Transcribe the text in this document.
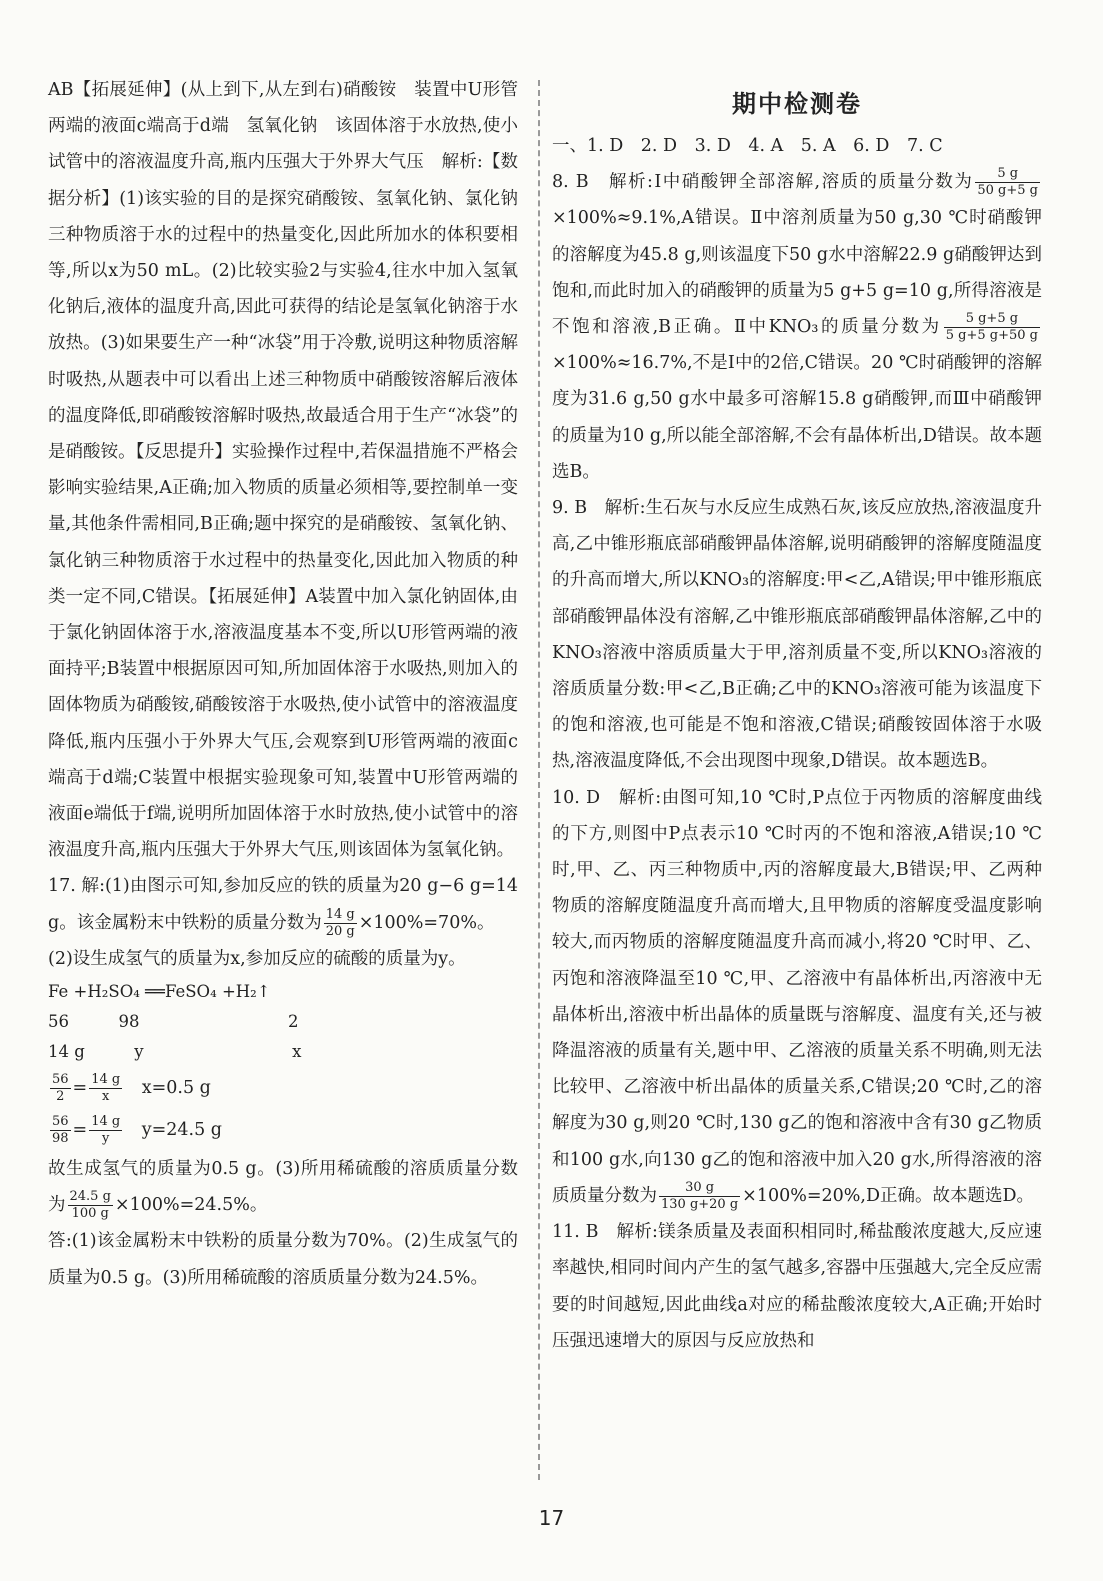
AB【拓展延伸】(从上到下,从左到右)硝酸铵　装置中U形管两端的液面c端高于d端　氢氧化钠　该固体溶于水放热,使小试管中的溶液温度升高,瓶内压强大于外界大气压　解析:【数据分析】(1)该实验的目的是探究硝酸铵、氢氧化钠、氯化钠三种物质溶于水的过程中的热量变化,因此所加水的体积要相等,所以x为50 mL。(2)比较实验2与实验4,往水中加入氢氧化钠后,液体的温度升高,因此可获得的结论是氢氧化钠溶于水放热。(3)如果要生产一种“冰袋”用于冷敷,说明这种物质溶解时吸热,从题表中可以看出上述三种物质中硝酸铵溶解后液体的温度降低,即硝酸铵溶解时吸热,故最适合用于生产“冰袋”的是硝酸铵。【反思提升】实验操作过程中,若保温措施不严格会影响实验结果,A正确;加入物质的质量必须相等,要控制单一变量,其他条件需相同,B正确;题中探究的是硝酸铵、氢氧化钠、氯化钠三种物质溶于水过程中的热量变化,因此加入物质的种类一定不同,C错误。【拓展延伸】A装置中加入氯化钠固体,由于氯化钠固体溶于水,溶液温度基本不变,所以U形管两端的液面持平;B装置中根据原因可知,所加固体溶于水吸热,则加入的固体物质为硝酸铵,硝酸铵溶于水吸热,使小试管中的溶液温度降低,瓶内压强小于外界大气压,会观察到U形管两端的液面c端高于d端;C装置中根据实验现象可知,装置中U形管两端的液面e端低于f端,说明所加固体溶于水时放热,使小试管中的溶液温度升高,瓶内压强大于外界大气压,则该固体为氢氧化钠。

17. 解:(1)由图示可知,参加反应的铁的质量为20 g−6 g=14 g。该金属粉末中铁粉的质量分数为 $\frac{14 g}{20 g} \times 100\%=70\%$。

(2)设生成氢气的质量为x,参加反应的硫酸的质量为y。

Fe +H₂SO₄ ══FeSO₄ +H₂↑

56　　　98　　　　　　　　　2

14 g　　　y　　　　　　　　　x

$\frac{56}{2} = \frac{14 g}{x}$
　 x=0.5 g

$\frac{56}{98} = \frac{14 g}{y}$
　 y=24.5 g

故生成氢气的质量为0.5 g。(3)所用稀硫酸的溶质质量分数为 $\frac{24.5 g}{100 g} \times 100\%=24.5\%$。

答:(1)该金属粉末中铁粉的质量分数为70%。(2)生成氢气的质量为0.5 g。(3)所用稀硫酸的溶质质量分数为24.5%。

期中检测卷

一、1. D　2. D　3. D　4. A　5. A　6. D　7. C

8. B　解析:Ⅰ中硝酸钾全部溶解,溶质的质量分数为 $\frac{5 g}{50 g+5 g}$
×100%≈9.1%,A错误。Ⅱ中溶剂质量为50 g,30 ℃时硝酸钾的溶解度为45.8 g,则该温度下50 g水中溶解22.9 g硝酸钾达到饱和,而此时加入的硝酸钾的质量为5 g+5 g=10 g,所得溶液是不饱和溶液,B正确。Ⅱ中KNO₃的质量分数为 $\frac{5 g+5 g}{5 g+5 g+50 g}$
×100%≈16.7%,不是Ⅰ中的2倍,C错误。20 ℃时硝酸钾的溶解度为31.6 g,50 g水中最多可溶解15.8 g硝酸钾,而Ⅲ中硝酸钾的质量为10 g,所以能全部溶解,不会有晶体析出,D错误。故本题选B。

9. B　解析:生石灰与水反应生成熟石灰,该反应放热,溶液温度升高,乙中锥形瓶底部硝酸钾晶体溶解,说明硝酸钾的溶解度随温度的升高而增大,所以KNO₃的溶解度:甲<乙,A错误;甲中锥形瓶底部硝酸钾晶体没有溶解,乙中锥形瓶底部硝酸钾晶体溶解,乙中的KNO₃溶液中溶质质量大于甲,溶剂质量不变,所以KNO₃溶液的溶质质量分数:甲<乙,B正确;乙中的KNO₃溶液可能为该温度下的饱和溶液,也可能是不饱和溶液,C错误;硝酸铵固体溶于水吸热,溶液温度降低,不会出现图中现象,D错误。故本题选B。

10. D　解析:由图可知,10 ℃时,P点位于丙物质的溶解度曲线的下方,则图中P点表示10 ℃时丙的不饱和溶液,A错误;10 ℃时,甲、乙、丙三种物质中,丙的溶解度最大,B错误;甲、乙两种物质的溶解度随温度升高而增大,且甲物质的溶解度受温度影响较大,而丙物质的溶解度随温度升高而减小,将20 ℃时甲、乙、丙饱和溶液降温至10 ℃,甲、乙溶液中有晶体析出,丙溶液中无晶体析出,溶液中析出晶体的质量既与溶解度、温度有关,还与被降温溶液的质量有关,题中甲、乙溶液的质量关系不明确,则无法比较甲、乙溶液中析出晶体的质量关系,C错误;20 ℃时,乙的溶解度为30 g,则20 ℃时,130 g乙的饱和溶液中含有30 g乙物质和100 g水,向130 g乙的饱和溶液中加入20 g水,所得溶液的溶质质量分数为 $\frac{30 g}{130 g+20 g} \times 100\%=20\%,D$正确。故本题选D。

11. B　解析:镁条质量及表面积相同时,稀盐酸浓度越大,反应速率越快,相同时间内产生的氢气越多,容器中压强越大,完全反应需要的时间越短,因此曲线a对应的稀盐酸浓度较大,A正确;开始时压强迅速增大的原因与反应放热和

17
